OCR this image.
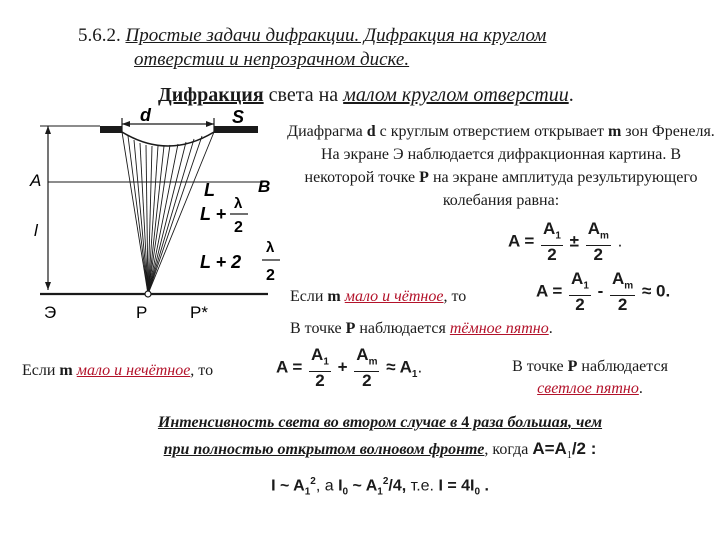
5.6.2. Простые задачи дифракции. Дифракция на круглом
отверстии и непрозрачном диске.
Дифракция света на малом круглом отверстии.
d	S
A	B
l
L
L +
λ
2
L + 2
λ
2
Э	P	P*
Диафрагма d с круглым отверстием открывает m зон Френеля. На экране Э наблюдается дифракционная картина. В некоторой точке P на экране амплитуда результирующего колебания равна:
$A = \frac{A_1}{2} \pm \frac{A_m}{2}$ .
Если m мало и чётное, то	$A = \frac{A_1}{2} - \frac{A_m}{2} \approx 0$.
В точке P наблюдается тёмное пятно.
Если m мало и нечётное, то	$A = \frac{A_1}{2} + \frac{A_m}{2} \approx A_1$.	В точке P наблюдается
светлое пятно.
Интенсивность света во втором случае в 4 раза большая, чем
при полностью открытом волновом фронте, когда $A=A_1/2$ :
I ~ $A_1^2$, а $I_0$ ~ $A_1^2/4$, т.е. $I = 4I_0$ .
